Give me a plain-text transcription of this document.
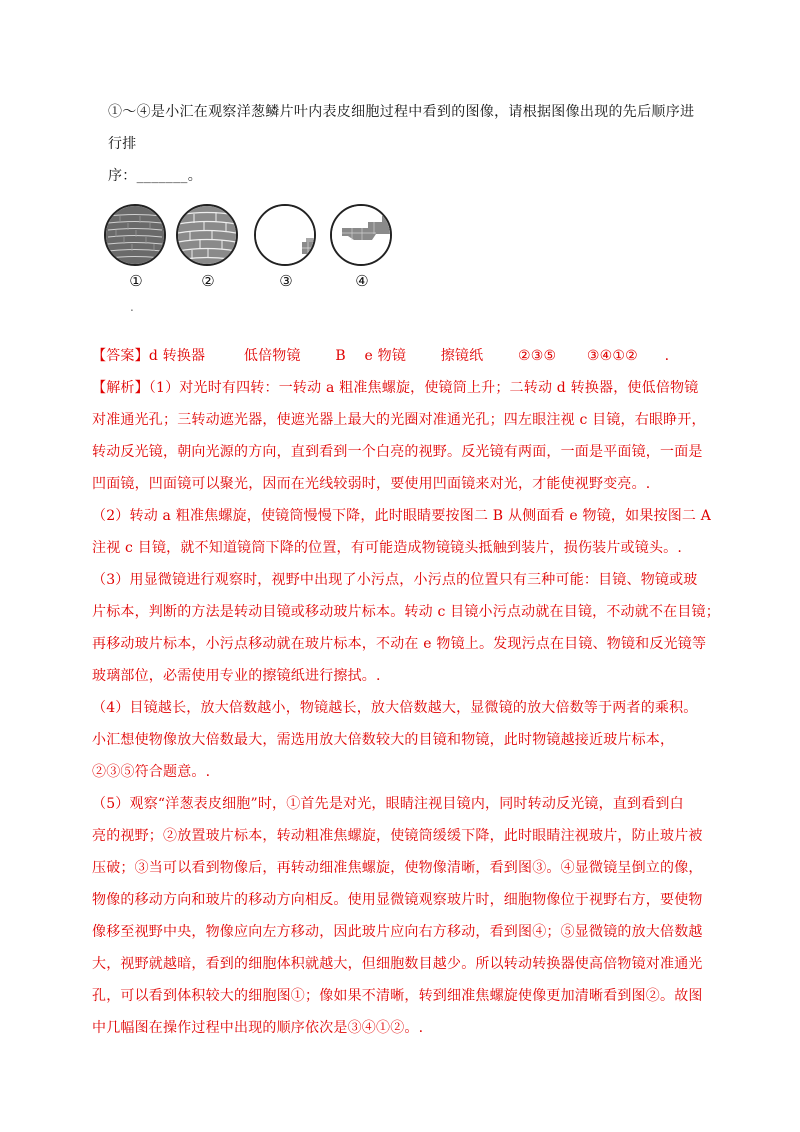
①～④是小汇在观察洋葱鳞片叶内表皮细胞过程中看到的图像，请根据图像出现的先后顺序进行排
序：_______。
①	②	③	④
.
【答案】d 转换器	低倍物镜 B e 物镜 擦镜纸 ②③⑤ ③④①② .
【解析】（1）对光时有四转：一转动 a 粗准焦螺旋，使镜筒上升；二转动 d 转换器，使低倍物镜
对准通光孔；三转动遮光器，使遮光器上最大的光圈对准通光孔；四左眼注视 c 目镜，右眼睁开，
转动反光镜，朝向光源的方向，直到看到一个白亮的视野。反光镜有两面，一面是平面镜，一面是
凹面镜，凹面镜可以聚光，因而在光线较弱时，要使用凹面镜来对光，才能使视野变亮。.
（2）转动 a 粗准焦螺旋，使镜筒慢慢下降，此时眼睛要按图二 B 从侧面看 e 物镜，如果按图二 A
注视 c 目镜，就不知道镜筒下降的位置，有可能造成物镜镜头抵触到装片，损伤装片或镜头。.
（3）用显微镜进行观察时，视野中出现了小污点，小污点的位置只有三种可能：目镜、物镜或玻
片标本，判断的方法是转动目镜或移动玻片标本。转动 c 目镜小污点动就在目镜，不动就不在目镜；
再移动玻片标本，小污点移动就在玻片标本，不动在 e 物镜上。发现污点在目镜、物镜和反光镜等
玻璃部位，必需使用专业的擦镜纸进行擦拭。.
（4）目镜越长，放大倍数越小，物镜越长，放大倍数越大，显微镜的放大倍数等于两者的乘积。
小汇想使物像放大倍数最大，需选用放大倍数较大的目镜和物镜，此时物镜越接近玻片标本，
②③⑤符合题意。.
（5）观察“洋葱表皮细胞”时，①首先是对光，眼睛注视目镜内，同时转动反光镜，直到看到白
亮的视野；②放置玻片标本，转动粗准焦螺旋，使镜筒缓缓下降，此时眼睛注视玻片，防止玻片被
压破；③当可以看到物像后，再转动细准焦螺旋，使物像清晰，看到图③。④显微镜呈倒立的像，
物像的移动方向和玻片的移动方向相反。使用显微镜观察玻片时，细胞物像位于视野右方，要使物
像移至视野中央，物像应向左方移动，因此玻片应向右方移动，看到图④；⑤显微镜的放大倍数越
大，视野就越暗，看到的细胞体积就越大，但细胞数目越少。所以转动转换器使高倍物镜对准通光
孔，可以看到体积较大的细胞图①；像如果不清晰，转到细准焦螺旋使像更加清晰看到图②。故图
中几幅图在操作过程中出现的顺序依次是③④①②。.
